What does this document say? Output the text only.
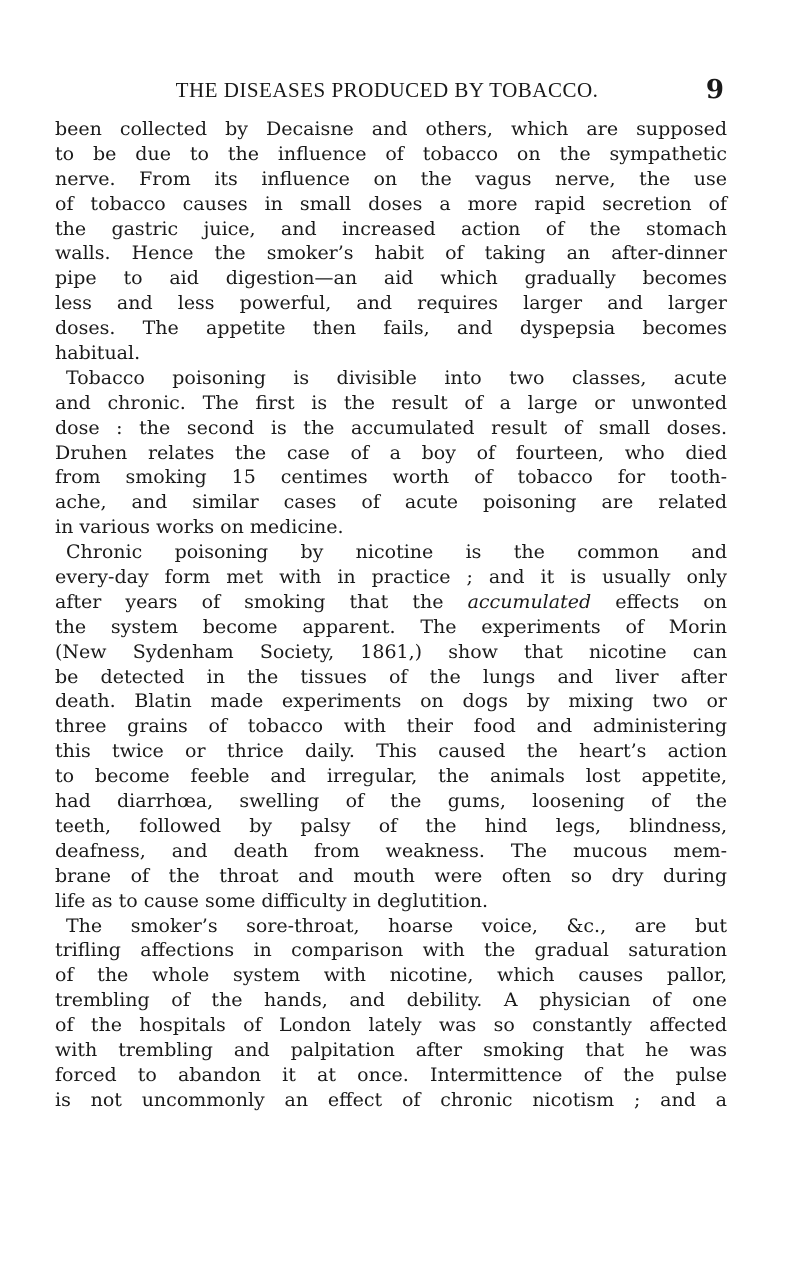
THE DISEASES PRODUCED BY TOBACCO.	9
been collected by Decaisne and others, which are supposed
to be due to the influence of tobacco on the sympathetic
nerve. From its influence on the vagus nerve, the use
of tobacco causes in small doses a more rapid secretion of
the gastric juice, and increased action of the stomach
walls. Hence the smoker’s habit of taking an after-dinner
pipe to aid digestion—an aid which gradually becomes
less and less powerful, and requires larger and larger
doses. The appetite then fails, and dyspepsia becomes
habitual.
Tobacco poisoning is divisible into two classes, acute
and chronic. The first is the result of a large or unwonted
dose : the second is the accumulated result of small doses.
Druhen relates the case of a boy of fourteen, who died
from smoking 15 centimes worth of tobacco for tooth-
ache, and similar cases of acute poisoning are related
in various works on medicine.
Chronic poisoning by nicotine is the common and
every-day form met with in practice ; and it is usually only
after years of smoking that the accumulated effects on
the system become apparent. The experiments of Morin
(New Sydenham Society, 1861,) show that nicotine can
be detected in the tissues of the lungs and liver after
death. Blatin made experiments on dogs by mixing two or
three grains of tobacco with their food and administering
this twice or thrice daily. This caused the heart’s action
to become feeble and irregular, the animals lost appetite,
had diarrhœa, swelling of the gums, loosening of the
teeth, followed by palsy of the hind legs, blindness,
deafness, and death from weakness. The mucous mem-
brane of the throat and mouth were often so dry during
life as to cause some difficulty in deglutition.
The smoker’s sore-throat, hoarse voice, &c., are but
trifling affections in comparison with the gradual saturation
of the whole system with nicotine, which causes pallor,
trembling of the hands, and debility. A physician of one
of the hospitals of London lately was so constantly affected
with trembling and palpitation after smoking that he was
forced to abandon it at once. Intermittence of the pulse
is not uncommonly an effect of chronic nicotism ; and a
